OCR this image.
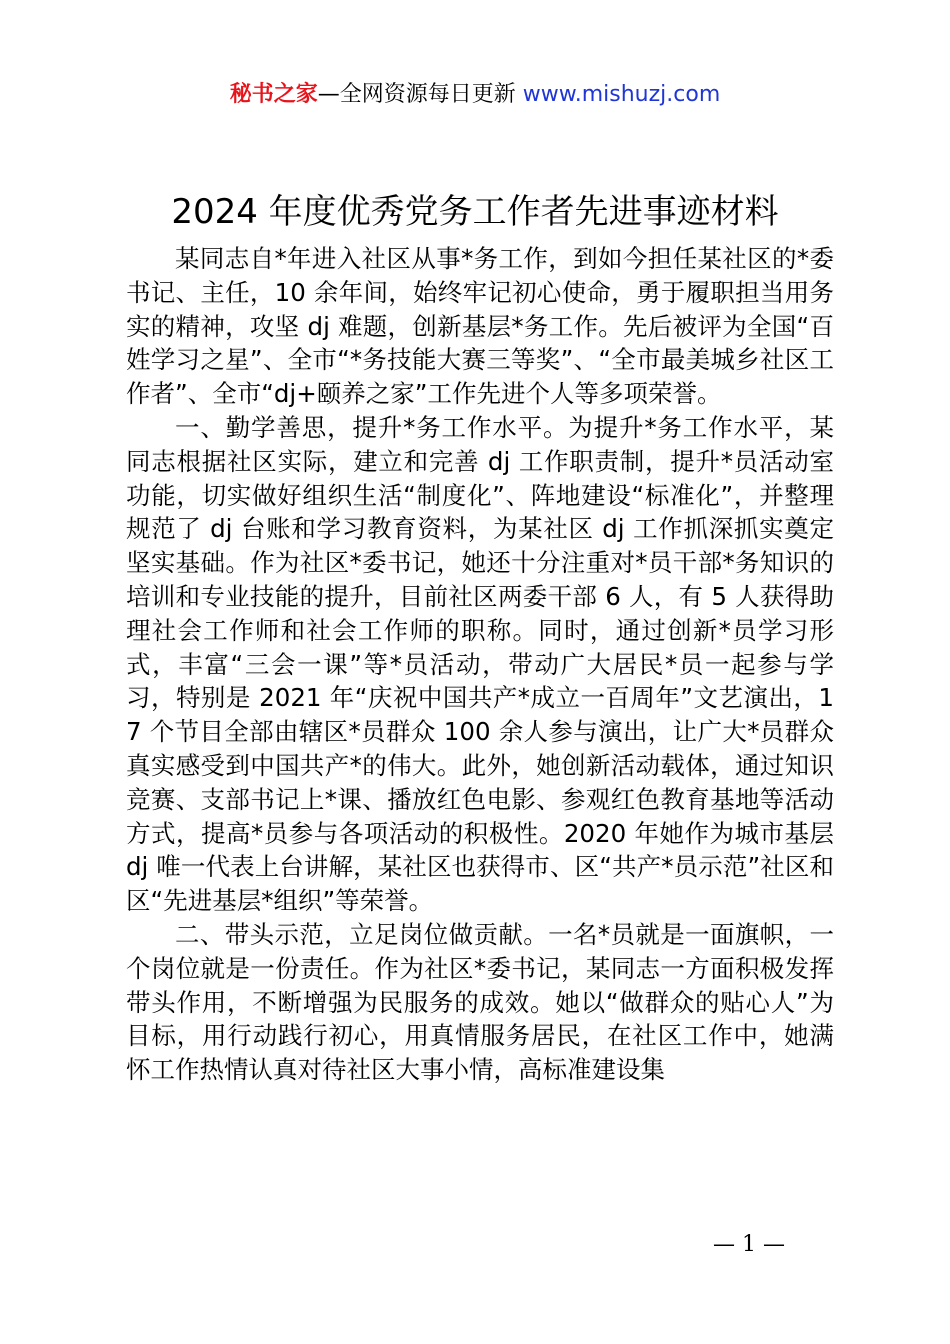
秘书之家—全网资源每日更新 www.mishuzj.com
2024 年度优秀党务工作者先进事迹材料

某同志自*年进入社区从事*务工作，到如今担任某社区的*委书记、主任，10 余年间，始终牢记初心使命，勇于履职担当用务实的精神，攻坚 dj 难题，创新基层*务工作。先后被评为全国“百姓学习之星”、全市“*务技能大赛三等奖”、“全市最美城乡社区工作者”、全市“dj+颐养之家”工作先进个人等多项荣誉。

一、勤学善思，提升*务工作水平。为提升*务工作水平，某同志根据社区实际，建立和完善 dj 工作职责制，提升*员活动室功能，切实做好组织生活“制度化”、阵地建设“标准化”，并整理规范了 dj 台账和学习教育资料，为某社区 dj 工作抓深抓实奠定坚实基础。作为社区*委书记，她还十分注重对*员干部*务知识的培训和专业技能的提升，目前社区两委干部 6 人，有 5 人获得助理社会工作师和社会工作师的职称。同时，通过创新*员学习形式，丰富“三会一课”等*员活动，带动广大居民*员一起参与学习，特别是 2021 年“庆祝中国共产*成立一百周年”文艺演出，17 个节目全部由辖区*员群众 100 余人参与演出，让广大*员群众真实感受到中国共产*的伟大。此外，她创新活动载体，通过知识竞赛、支部书记上*课、播放红色电影、参观红色教育基地等活动方式，提高*员参与各项活动的积极性。2020 年她作为城市基层 dj 唯一代表上台讲解，某社区也获得市、区“共产*员示范”社区和区“先进基层*组织”等荣誉。

二、带头示范，立足岗位做贡献。一名*员就是一面旗帜，一个岗位就是一份责任。作为社区*委书记，某同志一方面积极发挥带头作用，不断增强为民服务的成效。她以“做群众的贴心人”为目标，用行动践行初心，用真情服务居民，在社区工作中，她满怀工作热情认真对待社区大事小情，高标准建设集

— 1 —
